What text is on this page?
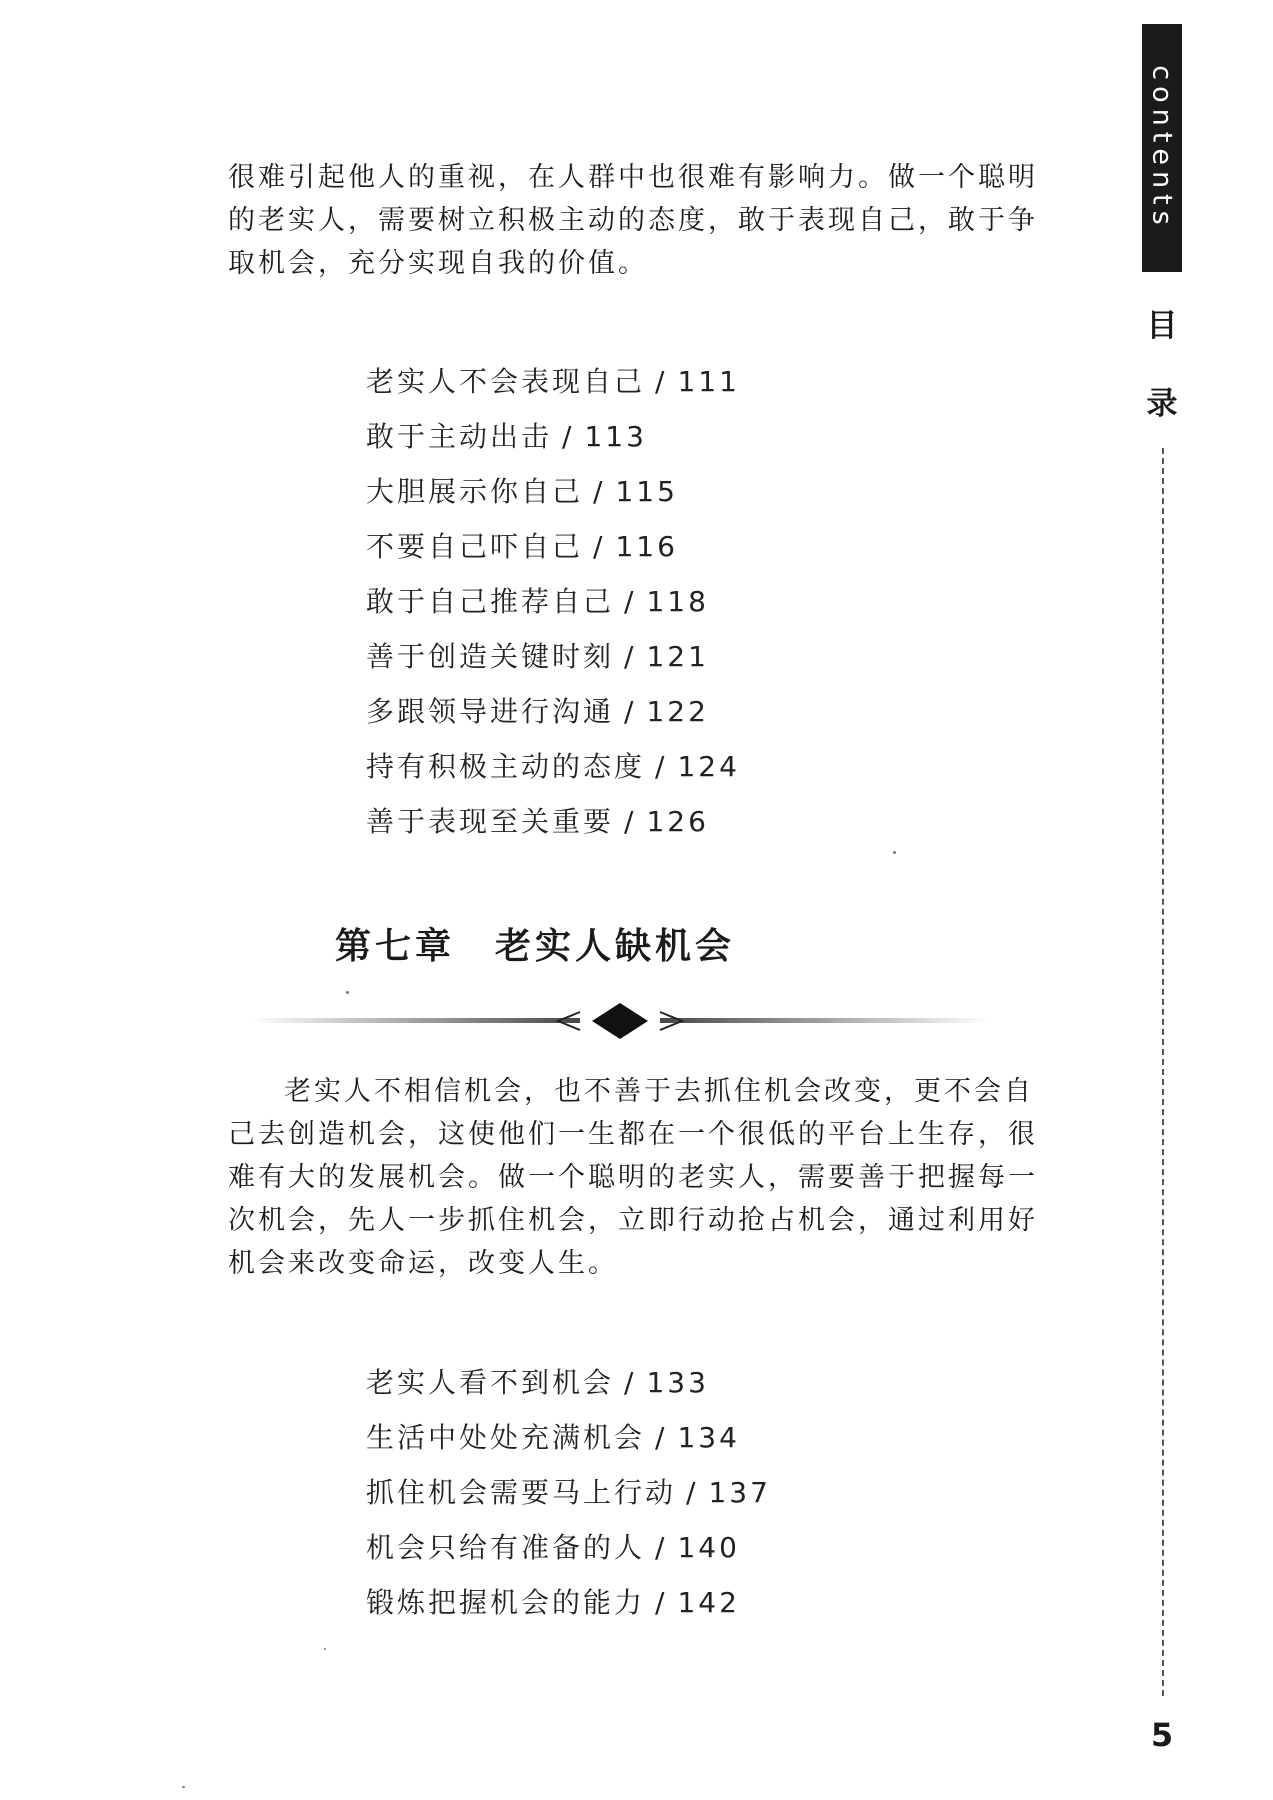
很难引起他人的重视，在人群中也很难有影响力。做一个聪明的老实人，需要树立积极主动的态度，敢于表现自己，敢于争取机会，充分实现自我的价值。

老实人不会表现自己 / 111
敢于主动出击 / 113
大胆展示你自己 / 115
不要自己吓自己 / 116
敢于自己推荐自己 / 118
善于创造关键时刻 / 121
多跟领导进行沟通 / 122
持有积极主动的态度 / 124
善于表现至关重要 / 126
第七章 老实人缺机会

老实人不相信机会，也不善于去抓住机会改变，更不会自己去创造机会，这使他们一生都在一个很低的平台上生存，很难有大的发展机会。做一个聪明的老实人，需要善于把握每一次机会，先人一步抓住机会，立即行动抢占机会，通过利用好机会来改变命运，改变人生。

老实人看不到机会 / 133
生活中处处充满机会 / 134
抓住机会需要马上行动 / 137
机会只给有准备的人 / 140
锻炼把握机会的能力 / 142
contents
目
录
5
